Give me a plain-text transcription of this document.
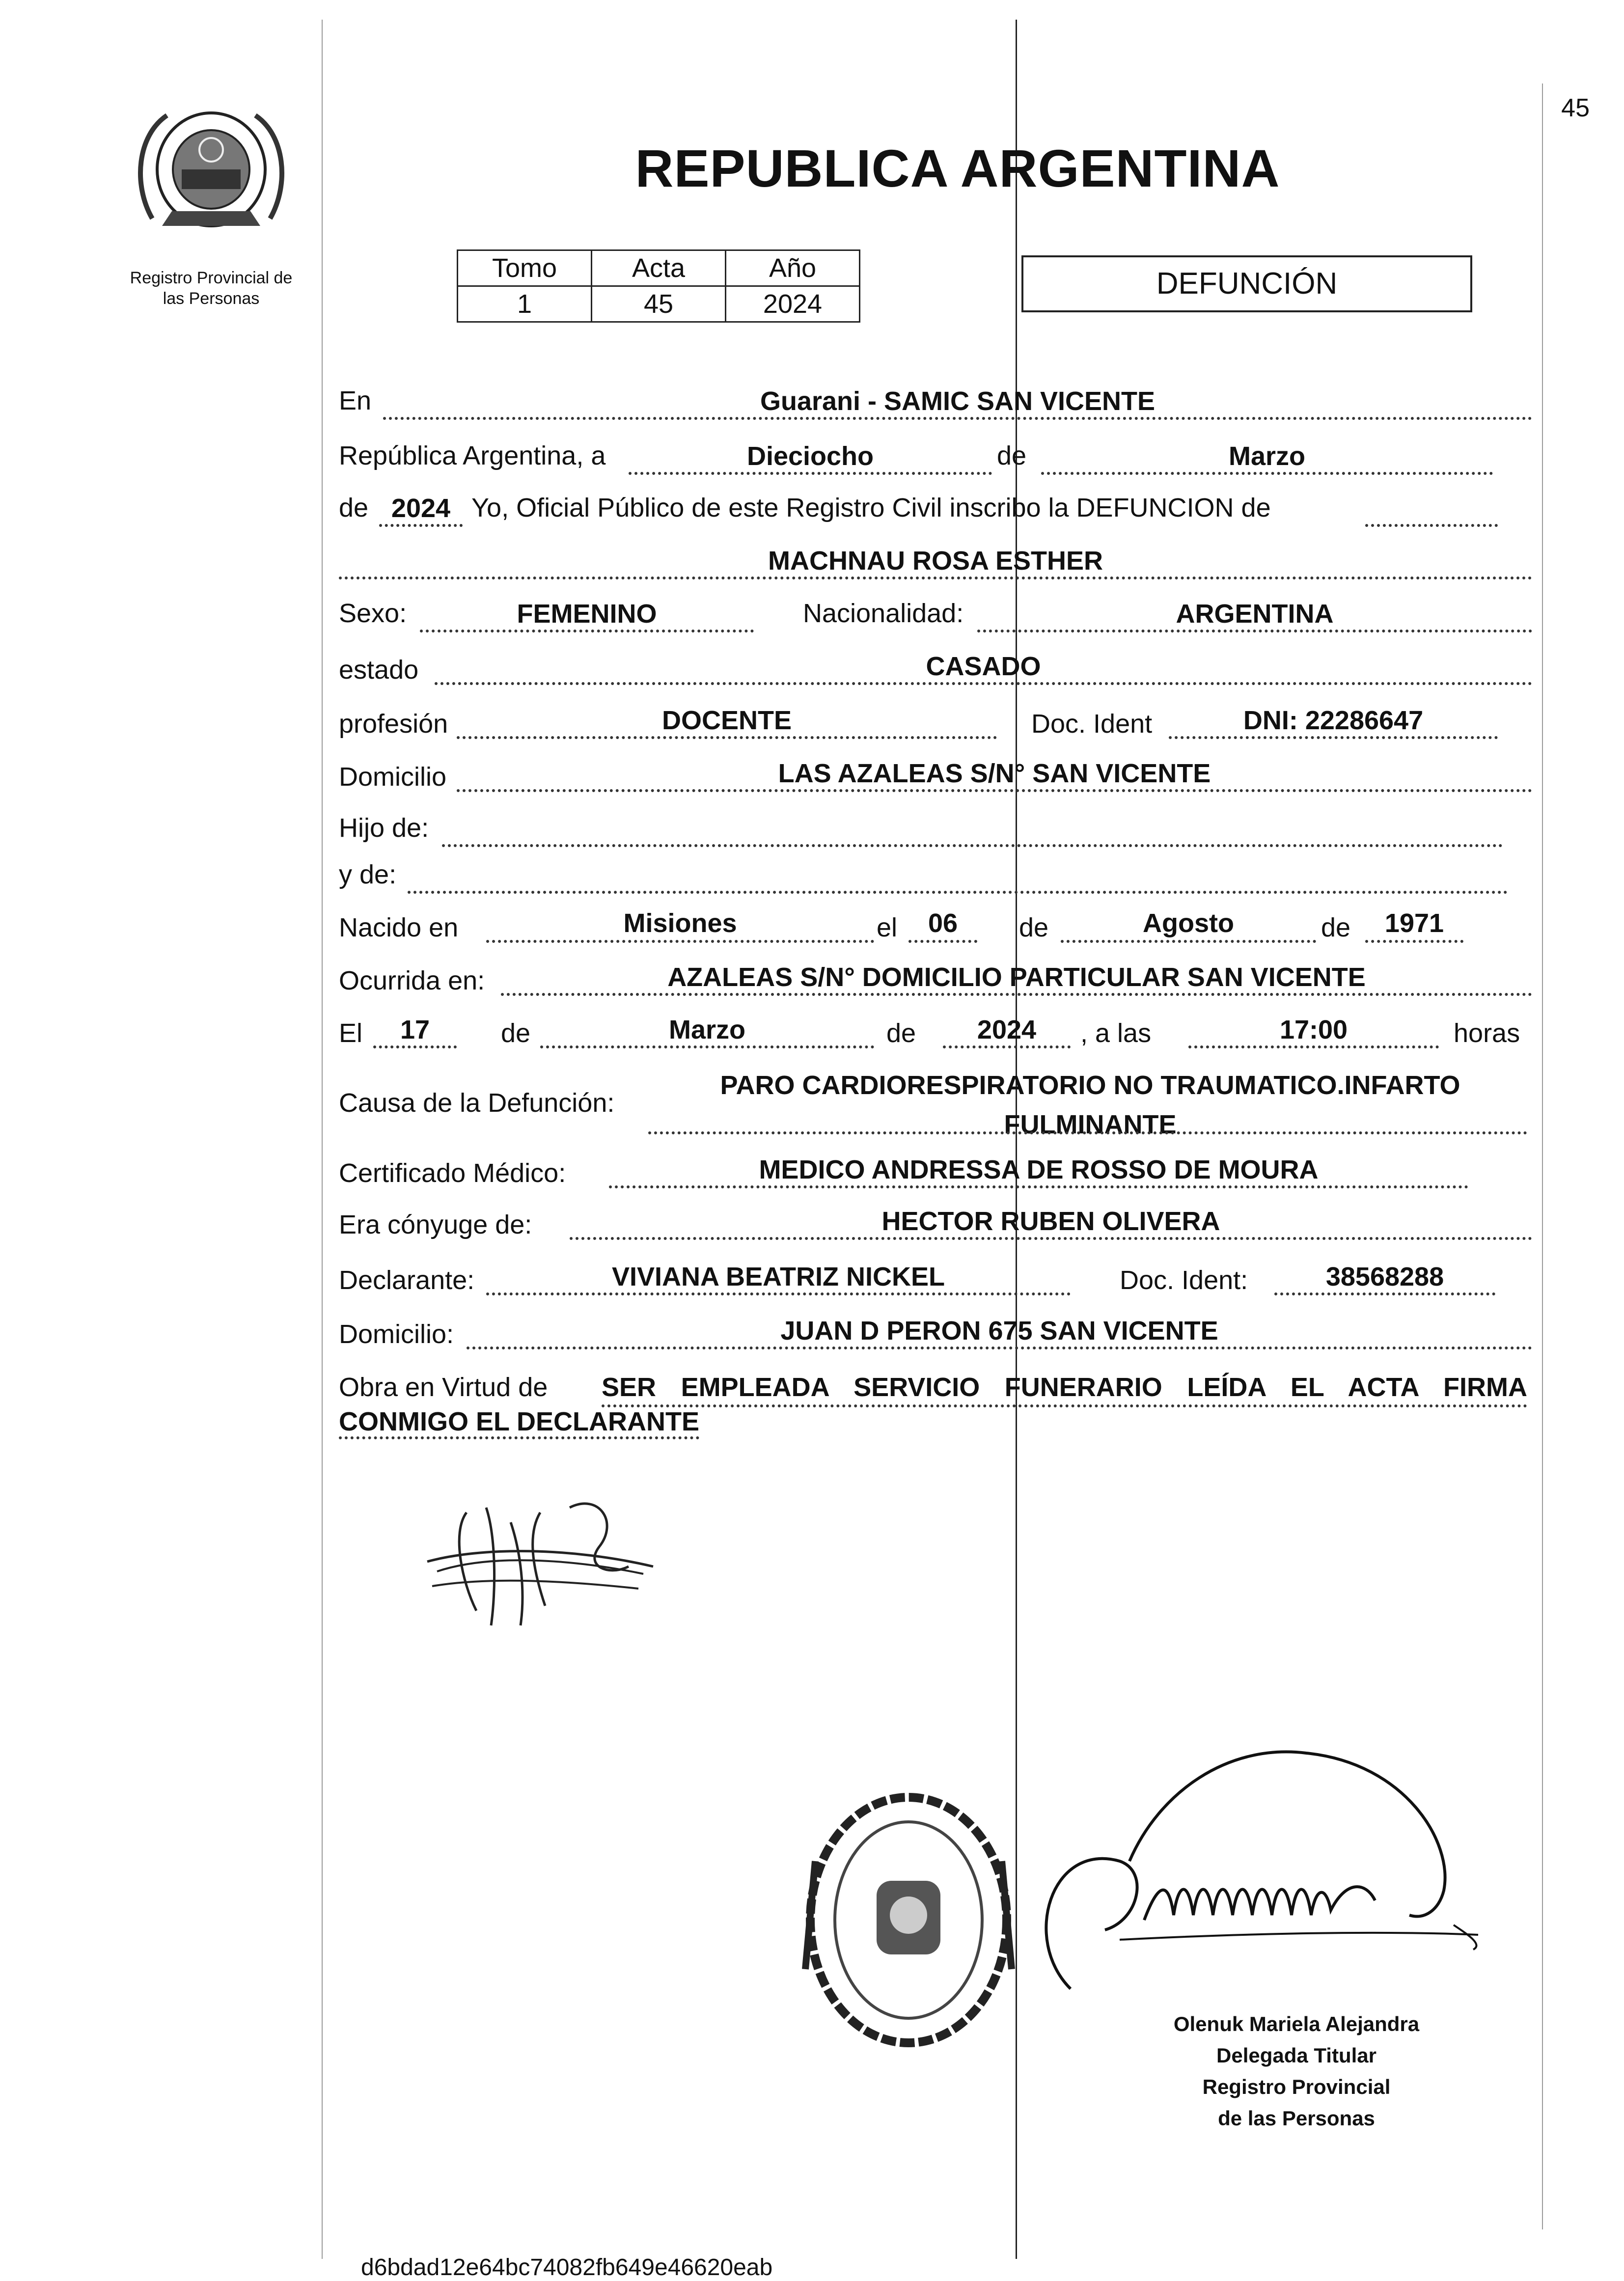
45
Registro Provincial de
las Personas
REPUBLICA ARGENTINA
Tomo	Acta	Año
1	45	2024
DEFUNCIÓN
En	Guarani - SAMIC SAN VICENTE
República Argentina, a	Dieciocho	de	Marzo
de 2024 Yo, Oficial Público de este Registro Civil inscribo la DEFUNCION de
MACHNAU ROSA ESTHER
Sexo:	FEMENINO	Nacionalidad:	ARGENTINA
estado	CASADO
profesión	DOCENTE	Doc. Ident	DNI: 22286647
Domicilio	LAS AZALEAS S/N° SAN VICENTE
Hijo de:
y de:
Nacido en	Misiones	el	06	de	Agosto	de	1971
Ocurrida en:	AZALEAS S/N° DOMICILIO PARTICULAR SAN VICENTE
El	17	de	Marzo	de	2024	, a las	17:00	horas
Causa de la Defunción:
PARO CARDIORESPIRATORIO NO TRAUMATICO.INFARTO FULMINANTE
Certificado Médico:	MEDICO ANDRESSA DE ROSSO DE MOURA
Era cónyuge de:	HECTOR RUBEN OLIVERA
Declarante:	VIVIANA BEATRIZ NICKEL	Doc. Ident:	38568288
Domicilio:	JUAN D PERON 675 SAN VICENTE
Obra en Virtud de SER EMPLEADA SERVICIO FUNERARIO LEÍDA EL ACTA FIRMA
CONMIGO EL DECLARANTE
Olenuk Mariela Alejandra
Delegada Titular
Registro Provincial
de las Personas
d6bdad12e64bc74082fb649e46620eab
